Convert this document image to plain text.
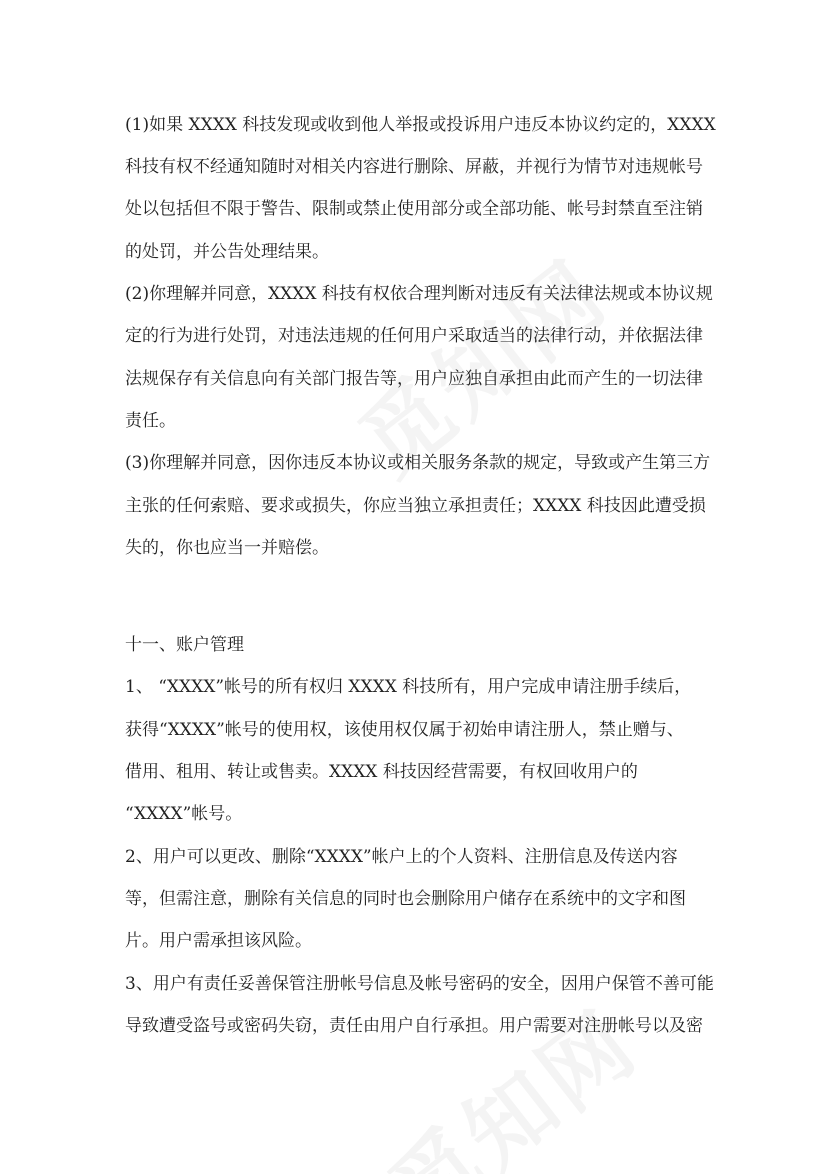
(1)如果 XXXX 科技发现或收到他人举报或投诉用户违反本协议约定的，XXXX
科技有权不经通知随时对相关内容进行删除、屏蔽，并视行为情节对违规帐号
处以包括但不限于警告、限制或禁止使用部分或全部功能、帐号封禁直至注销
的处罚，并公告处理结果。
(2)你理解并同意，XXXX 科技有权依合理判断对违反有关法律法规或本协议规
定的行为进行处罚，对违法违规的任何用户采取适当的法律行动，并依据法律
法规保存有关信息向有关部门报告等，用户应独自承担由此而产生的一切法律
责任。
(3)你理解并同意，因你违反本协议或相关服务条款的规定，导致或产生第三方
主张的任何索赔、要求或损失，你应当独立承担责任；XXXX 科技因此遭受损
失的，你也应当一并赔偿。
十一、账户管理
1、 “XXXX”帐号的所有权归 XXXX 科技所有，用户完成申请注册手续后，
获得“XXXX”帐号的使用权，该使用权仅属于初始申请注册人，禁止赠与、
借用、租用、转让或售卖。XXXX 科技因经营需要，有权回收用户的
“XXXX”帐号。
2、用户可以更改、删除“XXXX”帐户上的个人资料、注册信息及传送内容
等，但需注意，删除有关信息的同时也会删除用户储存在系统中的文字和图
片。用户需承担该风险。
3、用户有责任妥善保管注册帐号信息及帐号密码的安全，因用户保管不善可能
导致遭受盗号或密码失窃，责任由用户自行承担。用户需要对注册帐号以及密
